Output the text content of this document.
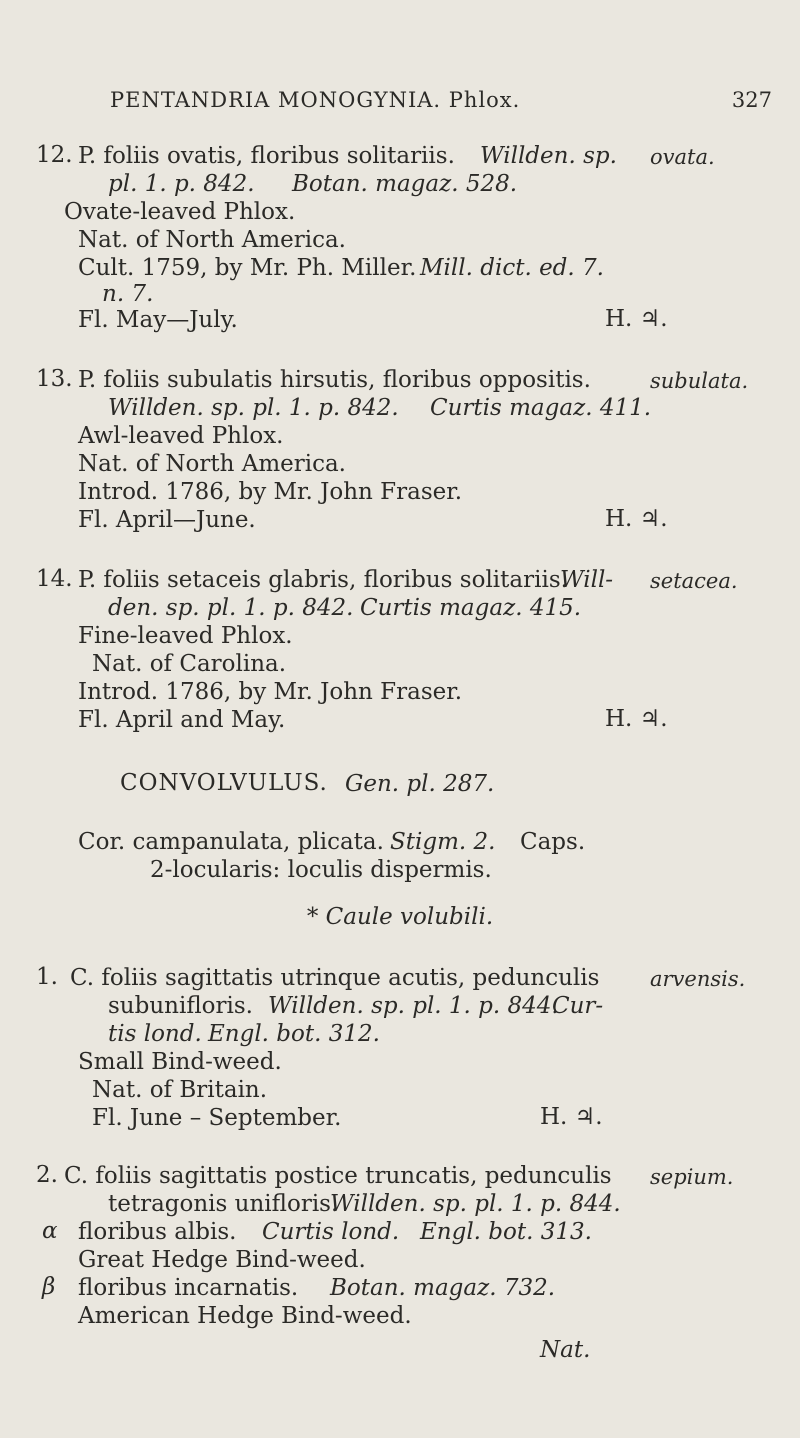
PENTANDRIA MONOGYNIA. Phlox.	327
12. P. foliis ovatis, floribus solitariis. Willden. sp. ovata.
pl. 1. p. 842. Botan. magaz. 528.
Ovate-leaved Phlox.
Nat. of North America.
Cult. 1759, by Mr. Ph. Miller. Mill. dict. ed. 7.
n. 7.
Fl. May—July.	H. ♃.
13. P. foliis subulatis hirsutis, floribus oppositis.	subulata.
Willden. sp. pl. 1. p. 842. Curtis magaz. 411.
Awl-leaved Phlox.
Nat. of North America.
Introd. 1786, by Mr. John Fraser.
Fl. April—June.	H. ♃.
14. P. foliis setaceis glabris, floribus solitariis.
Will- setacea.
den. sp. pl. 1. p. 842. Curtis magaz. 415.
Fine-leaved Phlox.
Nat. of Carolina.
Introd. 1786, by Mr. John Fraser.
Fl. April and May.	H. ♃.
CONVOLVULUS. Gen. pl. 287.
Cor. campanulata, plicata. Stigm. 2. Caps.
2-locularis: loculis dispermis.
* Caule volubili.
1. C. foliis sagittatis utrinque acutis, pedunculis arvensis.
subunifloris. Willden. sp. pl. 1. p. 844.
Cur-
tis lond. Engl. bot. 312.
Small Bind-weed.
Nat. of Britain.
Fl. June – September.	H. ♃.
2. C. foliis sagittatis postice truncatis, pedunculis sepium.
tetragonis unifloris.
Willden. sp. pl. 1. p. 844.
α floribus albis. Curtis lond. Engl. bot. 313.
Great Hedge Bind-weed.
β floribus incarnatis. Botan. magaz. 732.
American Hedge Bind-weed.
Nat.
